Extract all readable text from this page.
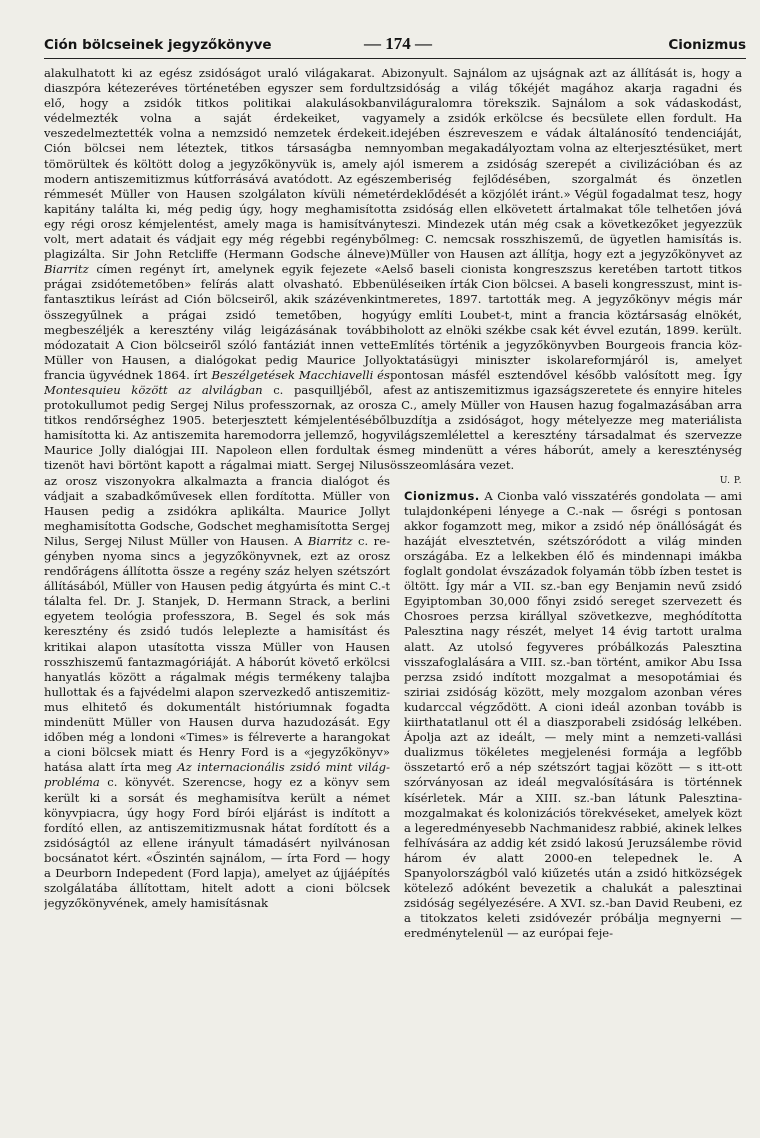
Ción bölcseinek jegyzőkönyve	— 174 —	Cionizmus

alakulhatott ki az egész zsidóságot uraló világakarat. A diaszpóra kétezeréves történetében egyszer sem fordult elő, hogy a zsidók titkos politikai alakulásokban védelmezték volna a saját érdekeiket, vagy veszedelmeztették volna a nemzsidó nemzetek érdekeit. Ción bölcsei nem léteztek, titkos társaságba nem tömörültek és költött dolog a jegyzőkönyvük is, amely a modern antiszemitizmus kútforrásává avatódott. Az egész rémmesét Müller von Hausen szolgálaton kívüli német kapitány találta ki, még pedig úgy, hogy meghamisított egy régi orosz kémjelentést, amely maga is hamisítvány volt, mert adatait és vádjait egy még régebbi regényből plagizálta. Sir John Retcliffe (Hermann Godsche álneve) Biarritz címen regényt írt, amelynek egyik fejezete «A prágai zsidótemetőben» felírás alatt olvasható. Ebben fantasztikus leírást ad Ción bölcseiről, akik százévenkint összegyűlnek a prágai zsidó temetőben, hogy megbeszéljék a keresztény világ leigázásának további módozatait A Cion bölcseiről szóló fantáziát innen vette Müller von Hausen, a dialógokat pedig Maurice Jolly francia ügyvédnek 1864. írt Beszélgetések Macchiavelli és Montesquieu között az alvilágban c. pasquilljéből, a protokullumot pedig Sergej Nilus professzornak, az orosz titkos rendőrséghez 1905. beterjesztett kémjelentéséből hamisította ki. Az antiszemita haremodorra jellemző, hogy Maurice Jolly dialógjai III. Napoleon ellen fordultak és tizenöt havi börtönt kapott a rágalmai miatt. Sergej Nilus az orosz viszonyokra alkalmazta a francia dialógot és vádjait a szabadkőművesek ellen fordította. Müller von Hausen pedig a zsidókra aplikálta. Maurice Jollyt meghamisította Godsche, Godschet meghamisította Sergej Nilus, Sergej Nilust Müller von Hausen. A Biarritz c. regényben nyoma sincs a jegyzőkönyvnek, ezt az orosz rendőrágens állította össze a regény száz helyen szétszórt állításából, Müller von Hausen pedig átgyúrta és mint C.-t tálalta fel. Dr. J. Stanjek, D. Hermann Strack, a berlini egyetem teológia professzora, B. Segel és sok más keresztény és zsidó tudós leleplezte a hamisítást és kritikai alapon utasította vissza Müller von Hausen rosszhiszemű fantazmagóriáját. A háborút követő erkölcsi hanyatlás között a rágalmak mégis termékeny talajba hullottak és a fajvédelmi alapon szervezkedő antiszemitizmus elhitető és dokumentált históriumnak fogadta mindenütt Müller von Hausen durva hazudozását. Egy időben még a londoni «Times» is félreverte a harangokat a cioni bölcsek miatt és Henry Ford is a «jegyzőkönyv» hatása alatt írta meg Az internacionális zsidó mint világprobléma c. könyvét. Szerencse, hogy ez a könyv sem került ki a sorsát és meghamisítva került a német könyvpiacra, úgy hogy Ford bírói eljárást is indított a fordító ellen, az antiszemitizmusnak hátat fordított és a zsidóságtól az ellene irányult támadásért nyilvánosan bocsánatot kért. «Őszintén sajnálom, — írta Ford — hogy a Deurborn Indepedent (Ford lapja), amelyet az újjáépítés szolgálatába állítottam, hitelt adott a cioni bölcsek jegyzőkönyvének, amely hamisításnak

bizonyult. Sajnálom az ujságnak azt az állítását is, hogy a zsidóság a világ tőkéjét magához akarja ragadni és világuralomra törekszik. Sajnálom a sok vádaskodást, amely a zsidók erkölcse és becsülete ellen fordult. Ha idejében észreveszem e vádak általánosító tendenciáját, nyomban megakadályoztam volna az elterjesztésüket, mert jól ismerem a zsidóság szerepét a civilizációban és az emberiség fejlődésében, szorgalmát és önzetlen érdeklődését a közjólét iránt.» Végül fogadalmat tesz, hogy a zsidóság ellen elkövetett ártalmakat tőle telhetően jóvá teszi. Mindezek után még csak a következőket jegyezzük meg: C. nemcsak rosszhiszemű, de ügyetlen hamisítás is. Müller von Hausen azt állítja, hogy ezt a jegyzőkönyvet az első baseli cionista kongreszszus keretében tartott titkos üléseiken írták Cion bölcsei. A baseli kongresszust, mint ismeretes, 1897. tartották meg. A jegyzőkönyv mégis már úgy említi Loubet-t, mint a francia köztársaság elnökét, holott az elnöki székbe csak két évvel ezután, 1899. került. Említés történik a jegyzőkönyvben Bourgeois francia közoktatásügyi miniszter iskolareformjáról is, amelyet pontosan másfél esztendővel később valósított meg. Így fest az antiszemitizmus igazságszeretete és ennyire hiteles a C., amely Müller von Hausen hazug fogalmazásában arra buzdítja a zsidóságot, hogy mételyezze meg materiálista világszemlélettel a keresztény társadalmat és szervezze meg mindenütt a véres háborút, amely a kereszténység összeomlására vezet.

U. P.

Cionizmus. A Cionba való visszatérés gondolata — ami tulajdonképeni lényege a C.-nak — ősrégi s pontosan akkor fogamzott meg, mikor a zsidó nép önállóságát és hazáját elvesztetvén, szétszóródott a világ minden országába. Ez a lelkekben élő és mindennapi imákba foglalt gondolat évszázadok folyamán több ízben testet is öltött. Így már a VII. sz.-ban egy Benjamin nevű zsidó Egyiptomban 30,000 főnyi zsidó sereget szervezett és Chosroes perzsa királlyal szövetkezve, meghódította Palesztina nagy részét, melyet 14 évig tartott uralma alatt. Az utolsó fegyveres próbálkozás Palesztina visszafoglalására a VIII. sz.-ban történt, amikor Abu Issa perzsa zsidó indított mozgalmat a mesopotámiai és sziriai zsidóság között, mely mozgalom azonban véres kudarccal végződött. A cioni ideál azonban tovább is kiirthatatlanul ott él a diaszporabeli zsidóság lelkében. Ápolja azt az ideált, — mely mint a nemzeti-vallási dualizmus tökéletes megjelenési formája a legfőbb összetartó erő a nép szétszórt tagjai között — s itt-ott szórványosan az ideál megvalósítására is történnek kísérletek. Már a XIII. sz.-ban látunk Palesztinamozgalmakat és kolonizációs törekvéseket, amelyek közt a legeredményesebb Nachmanidesz rabbié, akinek lelkes felhívására az addig két zsidó lakosú Jeruzsálembe rövid három év alatt 2000-en telepednek le. A Spanyolországból való kiűzetés után a zsidó hitközségek kötelező adóként bevezetik a chalukát a palesztinai zsidóság segélyezésére. A XVI. sz.-ban David Reubeni, ez a titokzatos keleti zsidóvezér próbálja megnyerni — eredménytelenül — az európai feje-
